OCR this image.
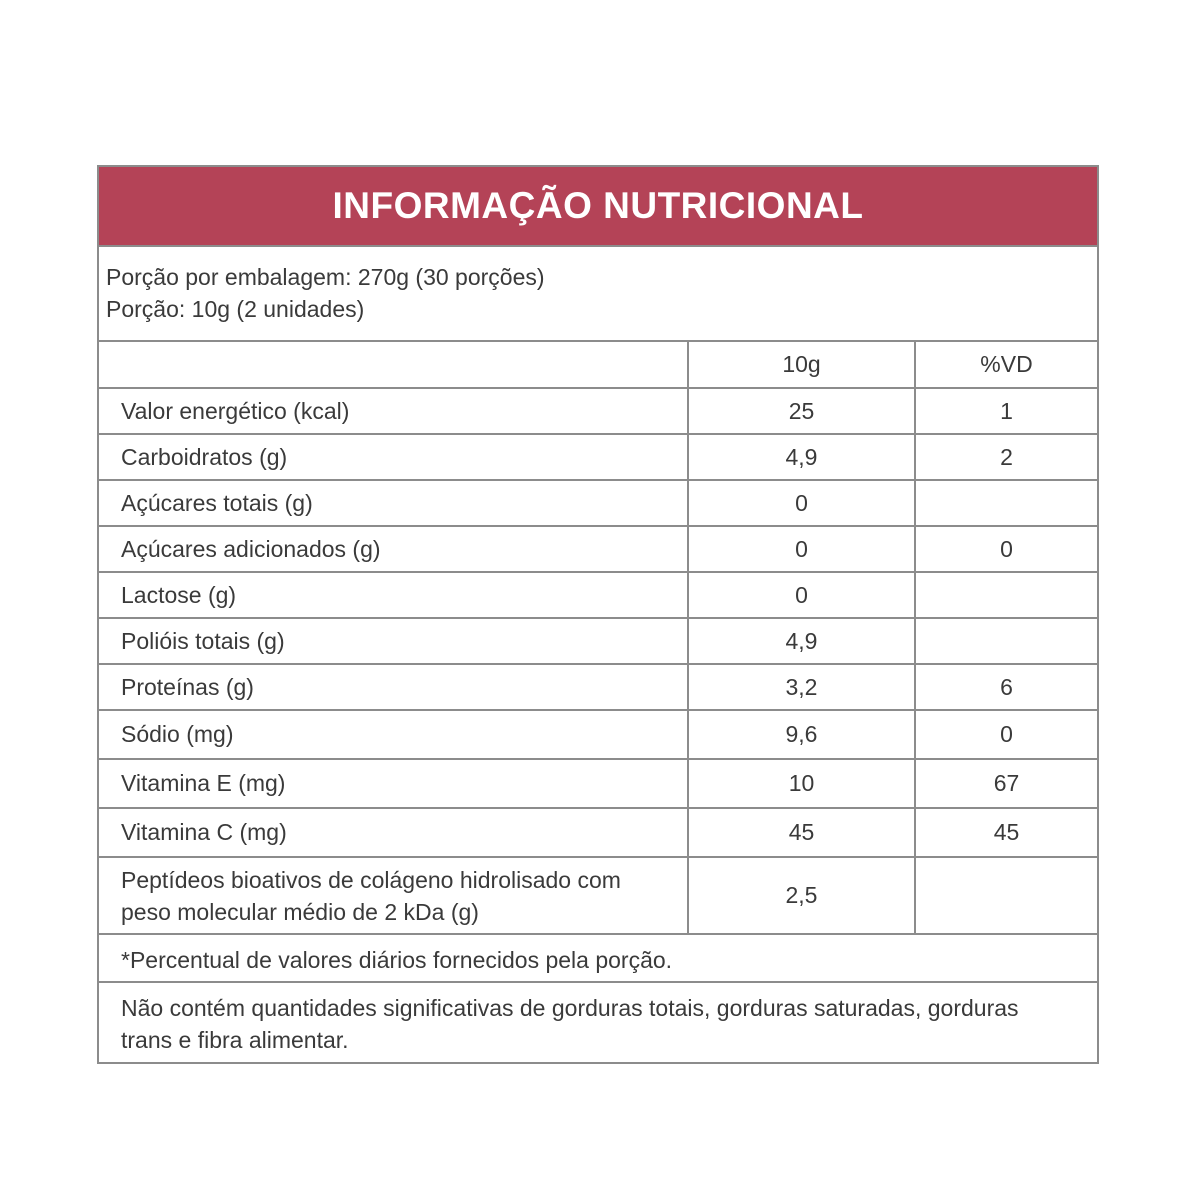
INFORMAÇÃO NUTRICIONAL
Porção por embalagem: 270g (30 porções)
Porção: 10g (2 unidades)
	10g	%VD
Valor energético (kcal)	25	1
Carboidratos (g)	4,9	2
Açúcares totais (g)	0	
Açúcares adicionados (g)	0	0
Lactose (g)	0	
Polióis totais (g)	4,9	
Proteínas (g)	3,2	6
Sódio (mg)	9,6	0
Vitamina E (mg)	10	67
Vitamina C (mg)	45	45
Peptídeos bioativos de colágeno hidrolisado com peso molecular médio de 2 kDa (g)	2,5	
*Percentual de valores diários fornecidos pela porção.
Não contém quantidades significativas de gorduras totais, gorduras saturadas, gorduras trans e fibra alimentar.
